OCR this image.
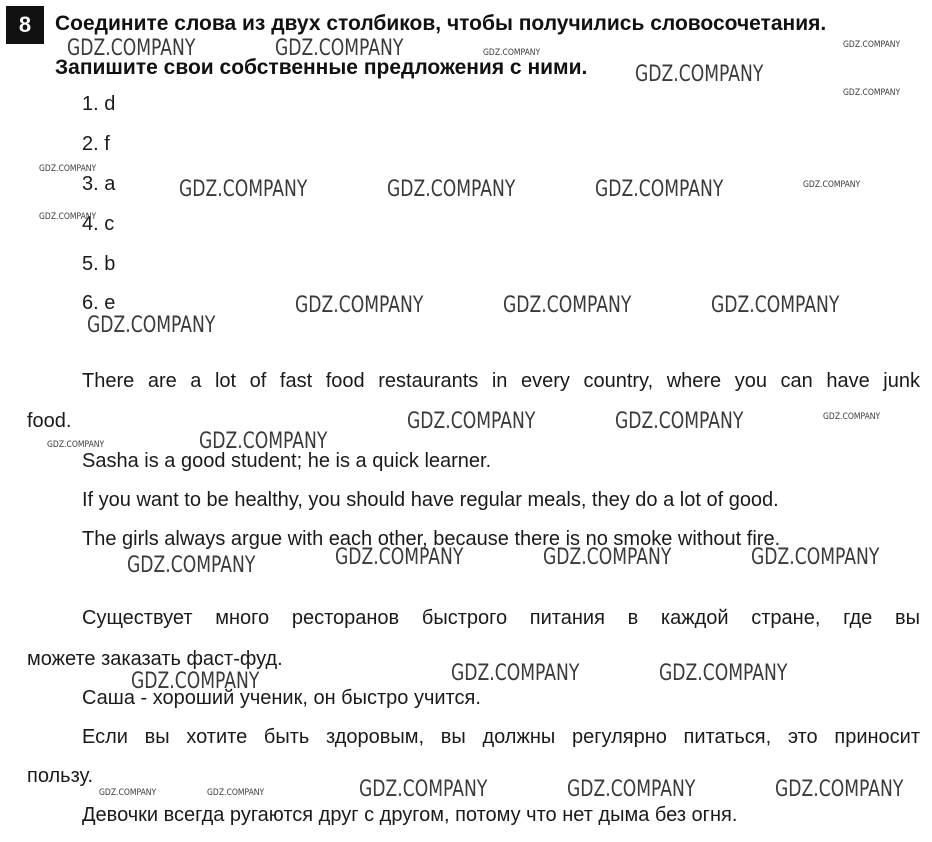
8	Соедините слова из двух столбиков, чтобы получились словосочетания.
Запишите свои собственные предложения с ними.
1. d
2. f
3. a
4. c
5. b
6. e
There are a lot of fast food restaurants in every country, where you can have junk
food.
Sasha is a good student; he is a quick learner.
If you want to be healthy, you should have regular meals, they do a lot of good.
The girls always argue with each other, because there is no smoke without fire.
Существует много ресторанов быстрого питания в каждой стране, где вы
можете заказать фаст-фуд.
Саша - хороший ученик, он быстро учится.
Если вы хотите быть здоровым, вы должны регулярно питаться, это приносит
пользу.
Девочки всегда ругаются друг с другом, потому что нет дыма без огня.
GDZ.COMPANY	GDZ.COMPANY
GDZ.COMPANY
GDZ.COMPANY	GDZ.COMPANY	GDZ.COMPANY
GDZ.COMPANY	GDZ.COMPANY	GDZ.COMPANY
GDZ.COMPANY
GDZ.COMPANY	GDZ.COMPANY
GDZ.COMPANY
GDZ.COMPANY	GDZ.COMPANY	GDZ.COMPANY
GDZ.COMPANY
GDZ.COMPANY	GDZ.COMPANY
GDZ.COMPANY
GDZ.COMPANY	GDZ.COMPANY	GDZ.COMPANY
GDZ.COMPANY
GDZ.COMPANY
GDZ.COMPANY
GDZ.COMPANY
GDZ.COMPANY
GDZ.COMPANY
GDZ.COMPANY
GDZ.COMPANY
GDZ.COMPANY	GDZ.COMPANY
